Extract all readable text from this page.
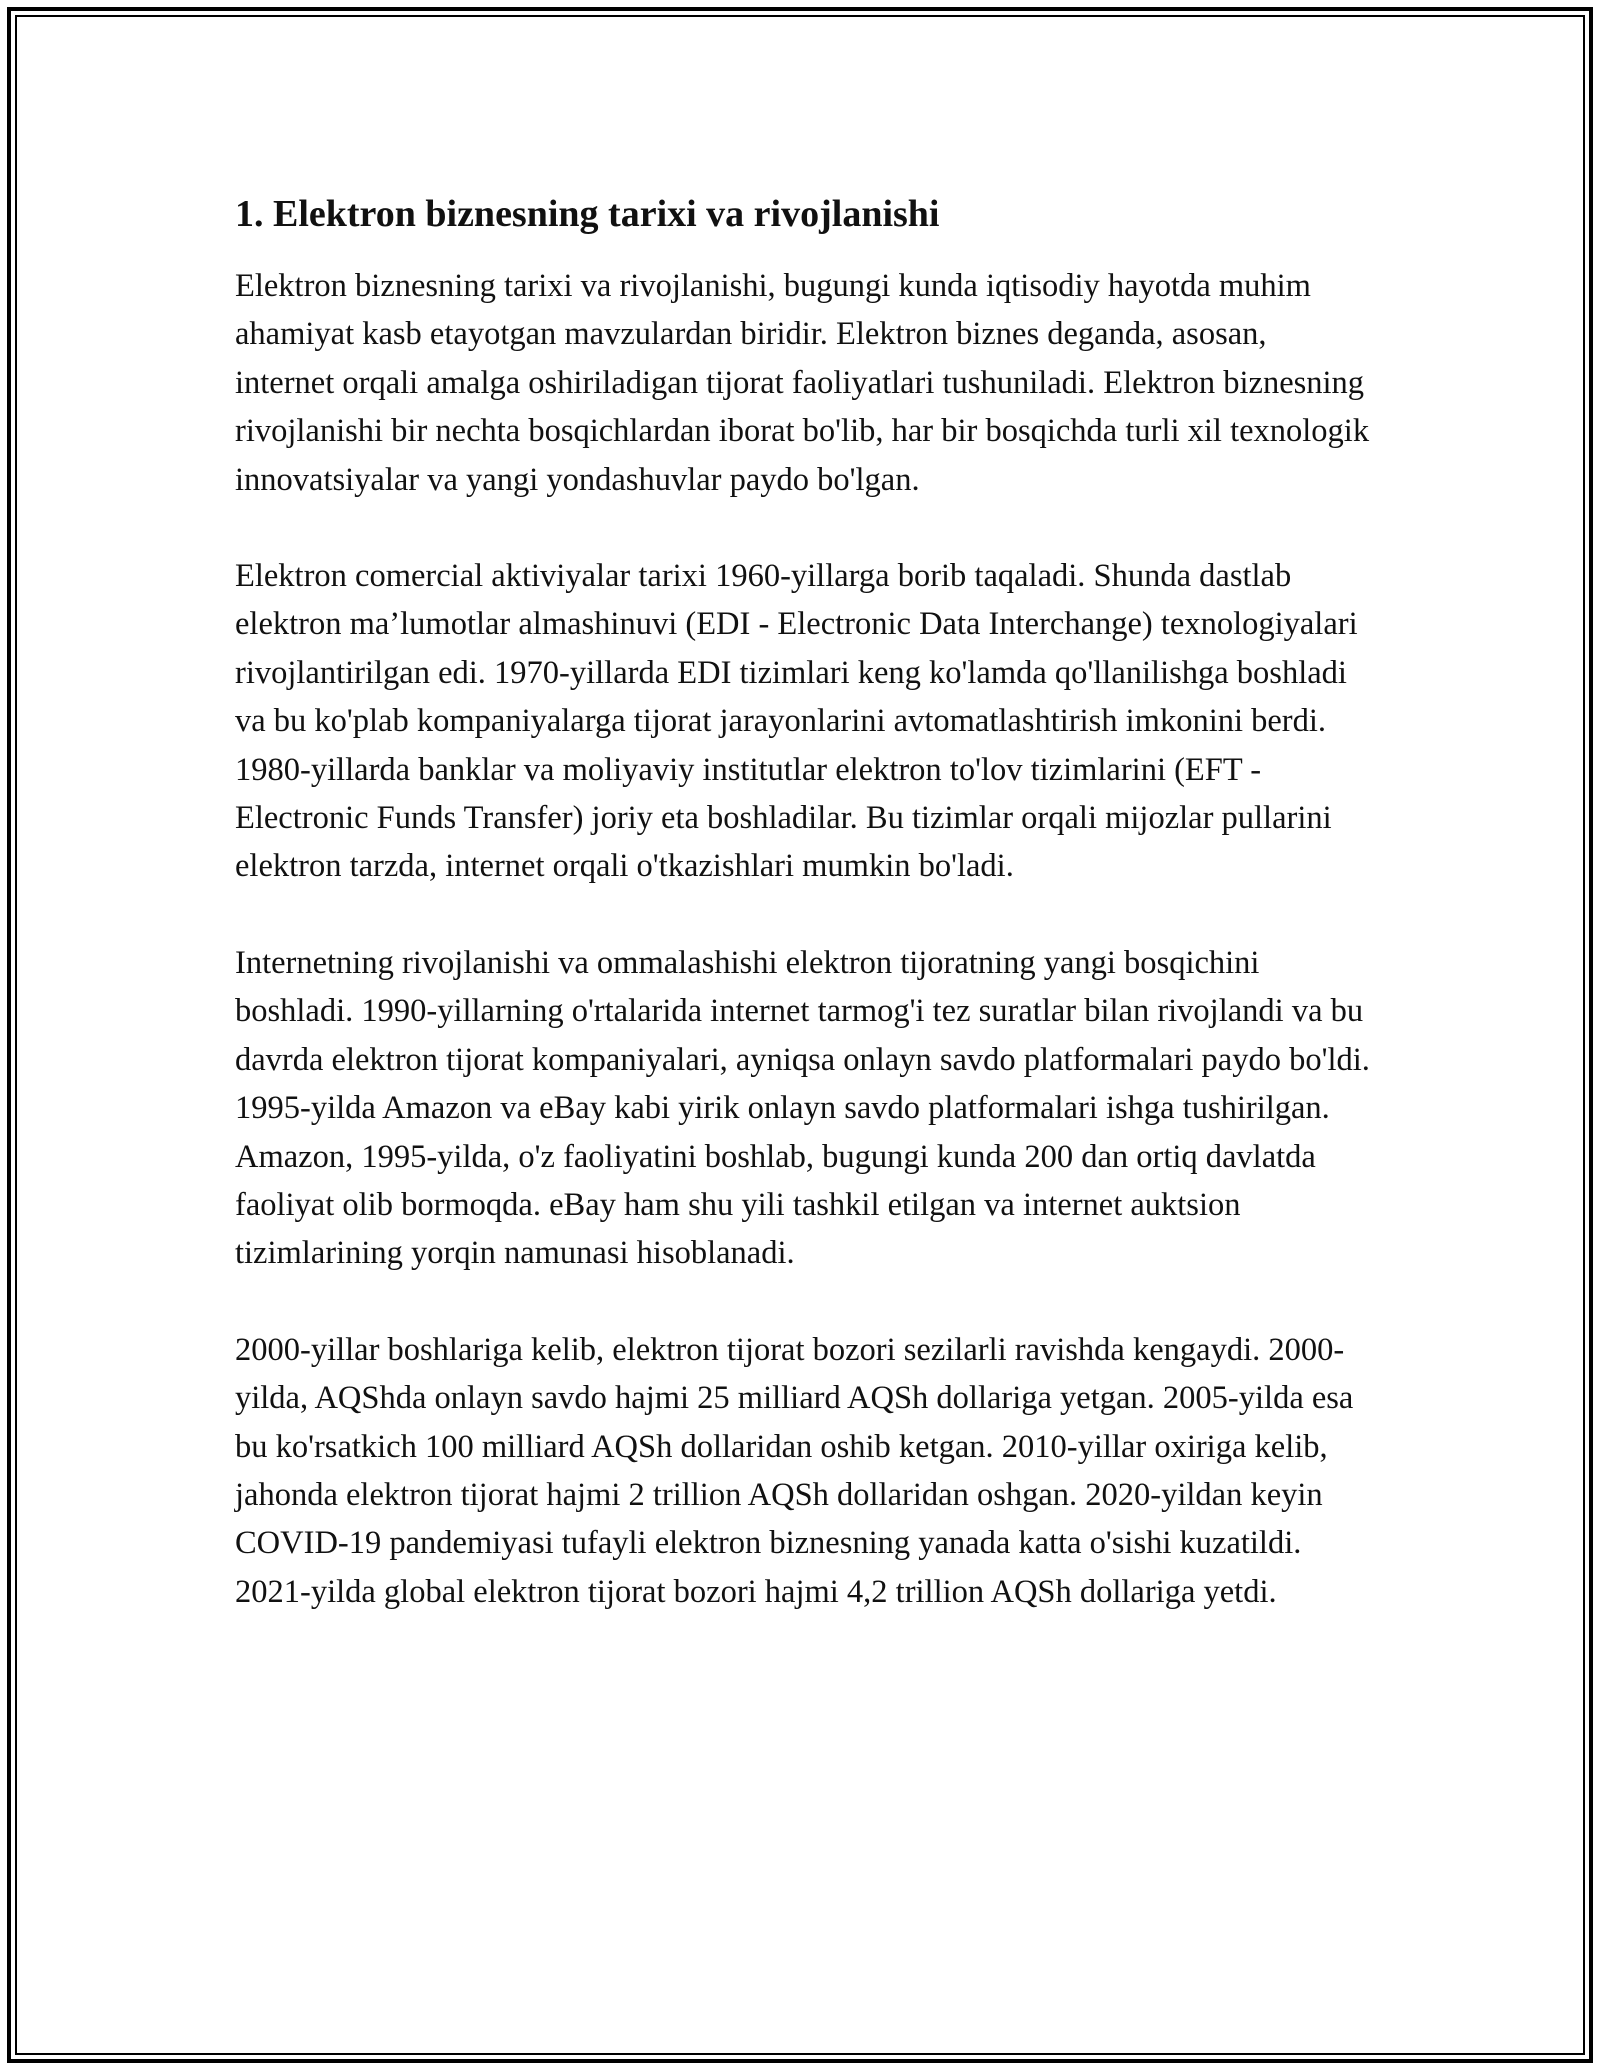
1. Elektron biznesning tarixi va rivojlanishi

Elektron biznesning tarixi va rivojlanishi, bugungi kunda iqtisodiy hayotda muhim ahamiyat kasb etayotgan mavzulardan biridir. Elektron biznes deganda, asosan, internet orqali amalga oshiriladigan tijorat faoliyatlari tushuniladi. Elektron biznesning rivojlanishi bir nechta bosqichlardan iborat bo'lib, har bir bosqichda turli xil texnologik innovatsiyalar va yangi yondashuvlar paydo bo'lgan.

Elektron comercial aktiviyalar tarixi 1960-yillarga borib taqaladi. Shunda dastlab elektron ma’lumotlar almashinuvi (EDI - Electronic Data Interchange) texnologiyalari rivojlantirilgan edi. 1970-yillarda EDI tizimlari keng ko'lamda qo'llanilishga boshladi va bu ko'plab kompaniyalarga tijorat jarayonlarini avtomatlashtirish imkonini berdi. 1980-yillarda banklar va moliyaviy institutlar elektron to'lov tizimlarini (EFT - Electronic Funds Transfer) joriy eta boshladilar. Bu tizimlar orqali mijozlar pullarini elektron tarzda, internet orqali o'tkazishlari mumkin bo'ladi.

Internetning rivojlanishi va ommalashishi elektron tijoratning yangi bosqichini boshladi. 1990-yillarning o'rtalarida internet tarmog'i tez suratlar bilan rivojlandi va bu davrda elektron tijorat kompaniyalari, ayniqsa onlayn savdo platformalari paydo bo'ldi. 1995-yilda Amazon va eBay kabi yirik onlayn savdo platformalari ishga tushirilgan. Amazon, 1995-yilda, o'z faoliyatini boshlab, bugungi kunda 200 dan ortiq davlatda faoliyat olib bormoqda. eBay ham shu yili tashkil etilgan va internet auktsion tizimlarining yorqin namunasi hisoblanadi.

2000-yillar boshlariga kelib, elektron tijorat bozori sezilarli ravishda kengaydi. 2000-yilda, AQShda onlayn savdo hajmi 25 milliard AQSh dollariga yetgan. 2005-yilda esa bu ko'rsatkich 100 milliard AQSh dollaridan oshib ketgan. 2010-yillar oxiriga kelib, jahonda elektron tijorat hajmi 2 trillion AQSh dollaridan oshgan. 2020-yildan keyin COVID-19 pandemiyasi tufayli elektron biznesning yanada katta o'sishi kuzatildi. 2021-yilda global elektron tijorat bozori hajmi 4,2 trillion AQSh dollariga yetdi.
